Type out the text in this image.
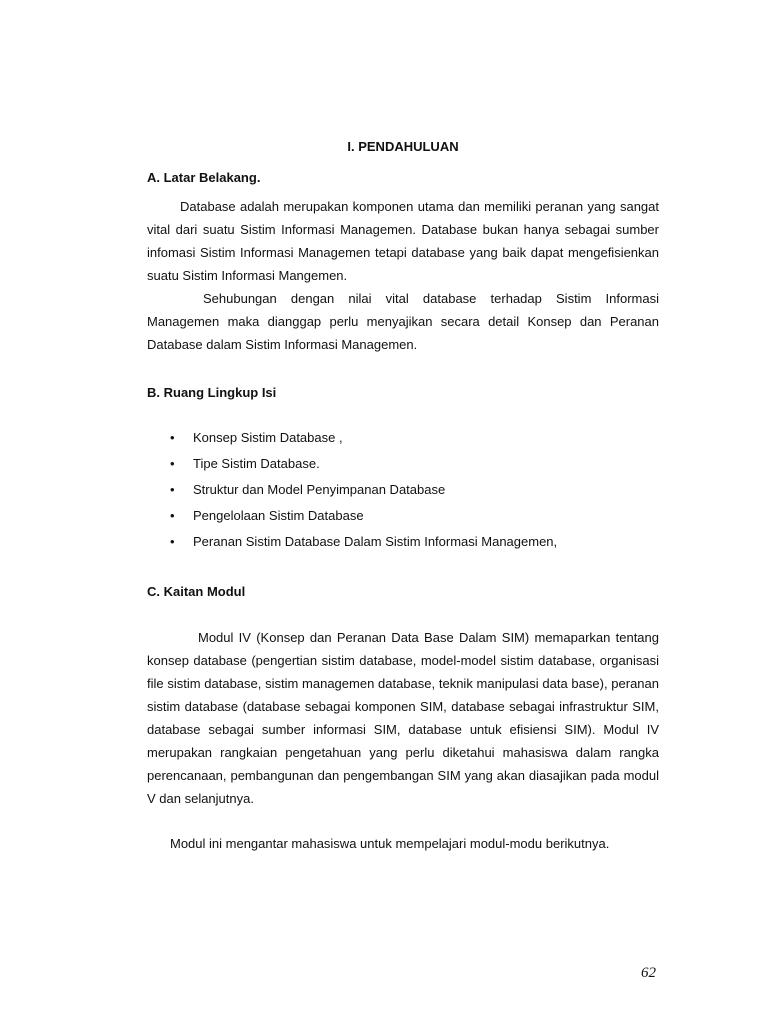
I. PENDAHULUAN
A. Latar Belakang.

Database adalah merupakan komponen utama dan memiliki peranan yang sangat vital dari suatu Sistim Informasi Managemen. Database bukan hanya sebagai sumber infomasi Sistim Informasi Managemen tetapi database yang baik dapat mengefisienkan suatu Sistim Informasi Mangemen.

Sehubungan dengan nilai vital database terhadap Sistim Informasi Managemen maka dianggap perlu menyajikan secara detail Konsep dan Peranan Database dalam Sistim Informasi Managemen.

B. Ruang Lingkup Isi
• Konsep Sistim Database ,
• Tipe Sistim Database.
• Struktur dan Model Penyimpanan Database
• Pengelolaan Sistim Database
• Peranan Sistim Database Dalam Sistim Informasi Managemen,
C. Kaitan Modul

Modul IV (Konsep dan Peranan Data Base Dalam SIM) memaparkan tentang konsep database (pengertian sistim database, model-model sistim database, organisasi file sistim database, sistim managemen database, teknik manipulasi data base), peranan sistim database (database sebagai komponen SIM, database sebagai infrastruktur SIM, database sebagai sumber informasi SIM, database untuk efisiensi SIM). Modul IV merupakan rangkaian pengetahuan yang perlu diketahui mahasiswa dalam rangka perencanaan, pembangunan dan pengembangan SIM yang akan diasajikan pada modul V dan selanjutnya.

Modul ini mengantar mahasiswa untuk mempelajari modul-modu berikutnya.

62
